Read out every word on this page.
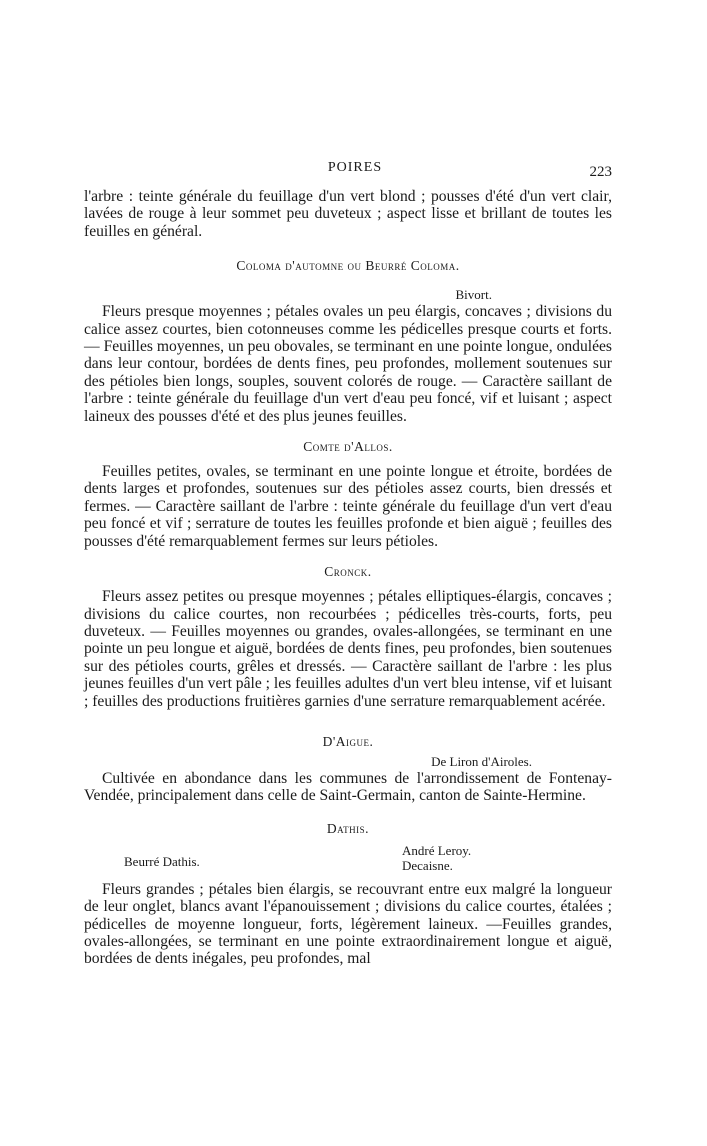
POIRES	223

l'arbre : teinte générale du feuillage d'un vert blond ; pousses d'été d'un vert clair, lavées de rouge à leur sommet peu duveteux ; aspect lisse et brillant de toutes les feuilles en général.

Coloma d'automne ou Beurré Coloma.
Bivort.

Fleurs presque moyennes ; pétales ovales un peu élargis, concaves ; divisions du calice assez courtes, bien cotonneuses comme les pédicelles presque courts et forts. — Feuilles moyennes, un peu obovales, se terminant en une pointe longue, ondulées dans leur contour, bordées de dents fines, peu profondes, mollement soutenues sur des pétioles bien longs, souples, souvent colorés de rouge. — Caractère saillant de l'arbre : teinte générale du feuillage d'un vert d'eau peu foncé, vif et luisant ; aspect laineux des pousses d'été et des plus jeunes feuilles.

Comte d'Allos.

Feuilles petites, ovales, se terminant en une pointe longue et étroite, bordées de dents larges et profondes, soutenues sur des pétioles assez courts, bien dressés et fermes. — Caractère saillant de l'arbre : teinte générale du feuillage d'un vert d'eau peu foncé et vif ; serrature de toutes les feuilles profonde et bien aiguë ; feuilles des pousses d'été remarquablement fermes sur leurs pétioles.

Cronck.

Fleurs assez petites ou presque moyennes ; pétales elliptiques-élargis, concaves ; divisions du calice courtes, non recourbées ; pédicelles très-courts, forts, peu duveteux. — Feuilles moyennes ou grandes, ovales-allongées, se terminant en une pointe un peu longue et aiguë, bordées de dents fines, peu profondes, bien soutenues sur des pétioles courts, grêles et dressés. — Caractère saillant de l'arbre : les plus jeunes feuilles d'un vert pâle ; les feuilles adultes d'un vert bleu intense, vif et luisant ; feuilles des productions fruitières garnies d'une serrature remarquablement acérée.

D'Aigue.
De Liron d'Airoles.

Cultivée en abondance dans les communes de l'arrondissement de Fontenay-Vendée, principalement dans celle de Saint-Germain, canton de Sainte-Hermine.

Dathis.
Beurré Dathis.
André Leroy.
Decaisne.

Fleurs grandes ; pétales bien élargis, se recouvrant entre eux malgré la longueur de leur onglet, blancs avant l'épanouissement ; divisions du calice courtes, étalées ; pédicelles de moyenne longueur, forts, légèrement laineux. —Feuilles grandes, ovales-allongées, se terminant en une pointe extraordinairement longue et aiguë, bordées de dents inégales, peu profondes, mal
